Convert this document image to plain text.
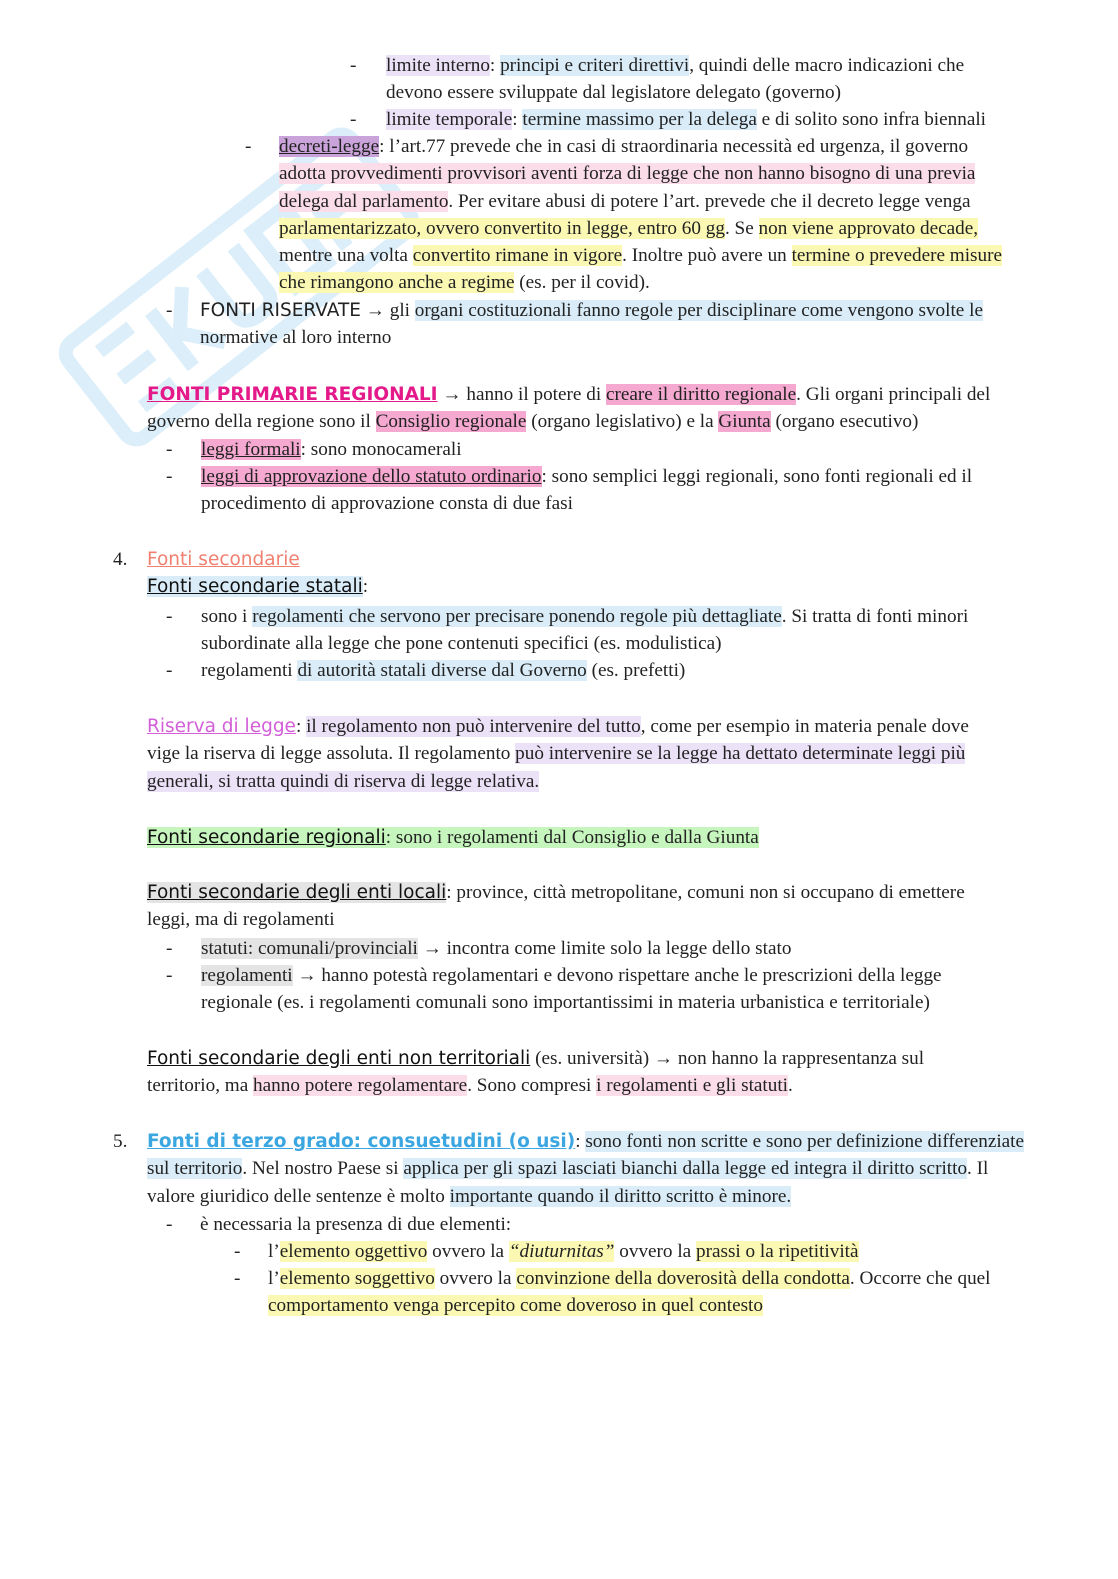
- limite interno: principi e criteri direttivi, quindi delle macro indicazioni che
devono essere sviluppate dal legislatore delegato (governo)

- limite temporale: termine massimo per la delega e di solito sono infra biennali

- decreti-legge: l’art.77 prevede che in casi di straordinaria necessità ed urgenza, il governo
adotta provvedimenti provvisori aventi forza di legge che non hanno bisogno di una previa
delega dal parlamento. Per evitare abusi di potere l’art. prevede che il decreto legge venga
parlamentarizzato, ovvero convertito in legge, entro 60 gg. Se non viene approvato decade,
mentre una volta convertito rimane in vigore. Inoltre può avere un termine o prevedere misure
che rimangono anche a regime (es. per il covid).

- FONTI RISERVATE → gli organi costituzionali fanno regole per disciplinare come vengono svolte le
normative al loro interno

FONTI PRIMARIE REGIONALI → hanno il potere di creare il diritto regionale. Gli organi principali del
governo della regione sono il Consiglio regionale (organo legislativo) e la Giunta (organo esecutivo)

- leggi formali: sono monocamerali

- leggi di approvazione dello statuto ordinario: sono semplici leggi regionali, sono fonti regionali ed il
procedimento di approvazione consta di due fasi

4. Fonti secondarie
Fonti secondarie statali:

- sono i regolamenti che servono per precisare ponendo regole più dettagliate. Si tratta di fonti minori
subordinate alla legge che pone contenuti specifici (es. modulistica)

- regolamenti di autorità statali diverse dal Governo (es. prefetti)

Riserva di legge: il regolamento non può intervenire del tutto, come per esempio in materia penale dove
vige la riserva di legge assoluta. Il regolamento può intervenire se la legge ha dettato determinate leggi più
generali, si tratta quindi di riserva di legge relativa.

Fonti secondarie regionali: sono i regolamenti dal Consiglio e dalla Giunta

Fonti secondarie degli enti locali: province, città metropolitane, comuni non si occupano di emettere
leggi, ma di regolamenti

- statuti: comunali/provinciali → incontra come limite solo la legge dello stato

- regolamenti → hanno potestà regolamentari e devono rispettare anche le prescrizioni della legge
regionale (es. i regolamenti comunali sono importantissimi in materia urbanistica e territoriale)

Fonti secondarie degli enti non territoriali (es. università) → non hanno la rappresentanza sul
territorio, ma hanno potere regolamentare. Sono compresi i regolamenti e gli statuti.

5. Fonti di terzo grado: consuetudini (o usi): sono fonti non scritte e sono per definizione differenziate
sul territorio. Nel nostro Paese si applica per gli spazi lasciati bianchi dalla legge ed integra il diritto scritto. Il
valore giuridico delle sentenze è molto importante quando il diritto scritto è minore.

- è necessaria la presenza di due elementi:

- l’elemento oggettivo ovvero la “diuturnitas” ovvero la prassi o la ripetitività

- l’elemento soggettivo ovvero la convinzione della doverosità della condotta. Occorre che quel
comportamento venga percepito come doveroso in quel contesto
